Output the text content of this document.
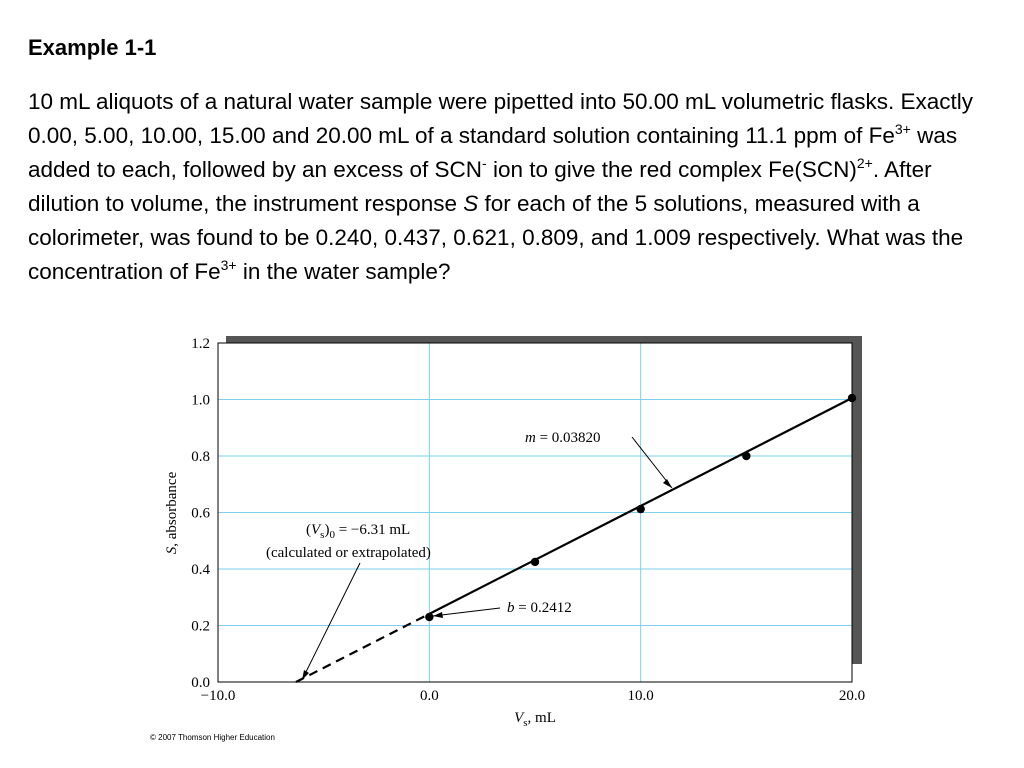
Example 1-1

10 mL aliquots of a natural water sample were pipetted into 50.00 mL volumetric flasks. Exactly 0.00, 5.00, 10.00, 15.00 and 20.00 mL of a standard solution containing 11.1 ppm of $Fe^{3+}$ was added to each, followed by an excess of SCN- ion to give the red complex Fe(SCN)$^{2+}$. After dilution to volume, the instrument response S for each of the 5 solutions, measured with a colorimeter, was found to be 0.240, 0.437, 0.621, 0.809, and 1.009 respectively. What was the concentration of $Fe^{3+}$ in the water sample?

−10.0	0.0	10.0	20.0
0.0
0.2
0.4
0.6
0.8
1.0
1.2
$V_s$, mL
S, absorbance
m = 0.03820
b = 0.2412
$(V_s)_0 = -6.31$ mL
(calculated or extrapolated)
© 2007 Thomson Higher Education
